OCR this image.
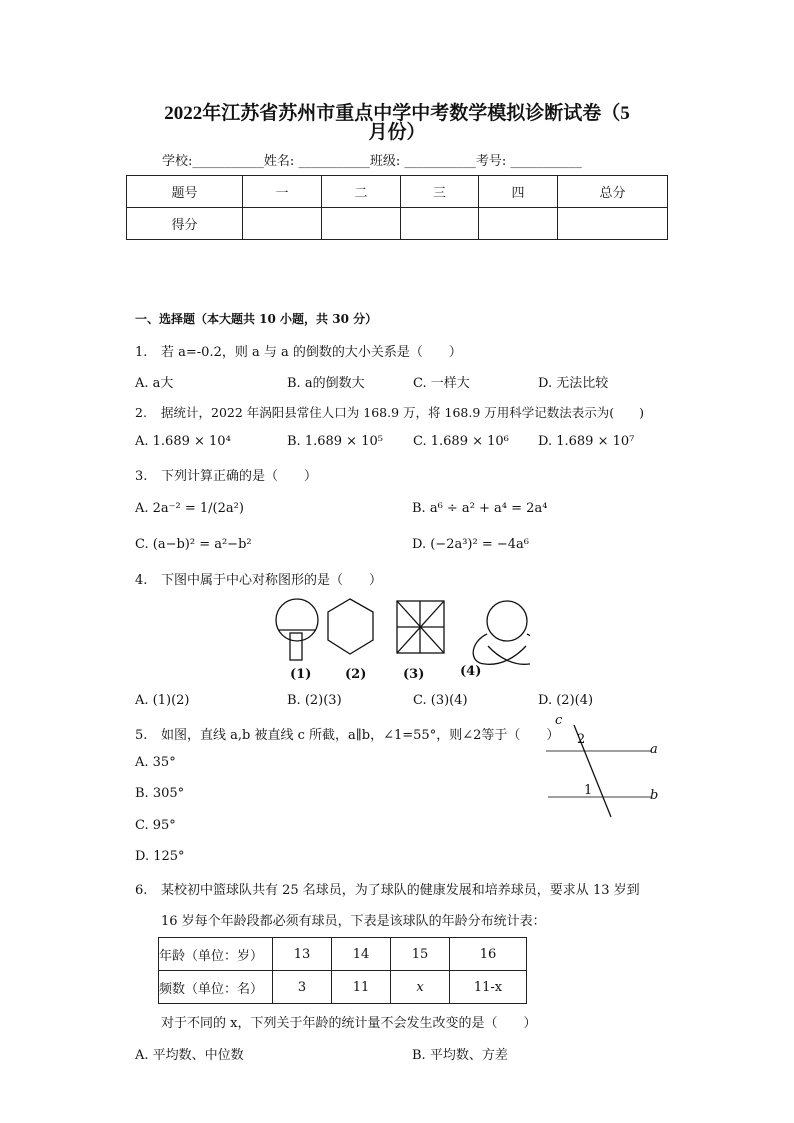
2022年江苏省苏州市重点中学中考数学模拟诊断试卷（5
月份）
学校:___________姓名: ___________班级: ___________考号: ___________
题号	一	二	三	四	总分
得分					
一、选择题（本大题共 10 小题，共 30 分）
1. 若 a=-0.2，则 a 与 a 的倒数的大小关系是（　　）
A. a大	B. a的倒数大	C. 一样大	D. 无法比较
2. 据统计，2022 年涡阳县常住人口为 168.9 万，将 168.9 万用科学记数法表示为(　　)
A. 1.689 × 10⁴	B. 1.689 × 10⁵ C. 1.689 × 10⁶ D. 1.689 × 10⁷
3. 下列计算正确的是（　　）
A. 2a⁻² = 1/(2a²)	B. a⁶ ÷ a² + a⁴ = 2a⁴
C. (a−b)² = a²−b²	D. (−2a³)² = −4a⁶
4. 下图中属于中心对称图形的是（　　）
(1)	(2)	(3)	(4)
A. (1)(2)	B. (2)(3)	C. (3)(4)	D. (2)(4)
5. 如图，直线 a,b 被直线 c 所截，a∥b，∠1=55°，则∠2等于（　　）
c
2
a
1	b
A. 35°
B. 305°
C. 95°
D. 125°
6. 某校初中篮球队共有 25 名球员，为了球队的健康发展和培养球员，要求从 13 岁到
16 岁每个年龄段都必须有球员，下表是该球队的年龄分布统计表：
年龄（单位：岁）	13	14	15	16
频数（单位：名）	3	11	x	11-x
对于不同的 x，下列关于年龄的统计量不会发生改变的是（　　）
A. 平均数、中位数	B. 平均数、方差
